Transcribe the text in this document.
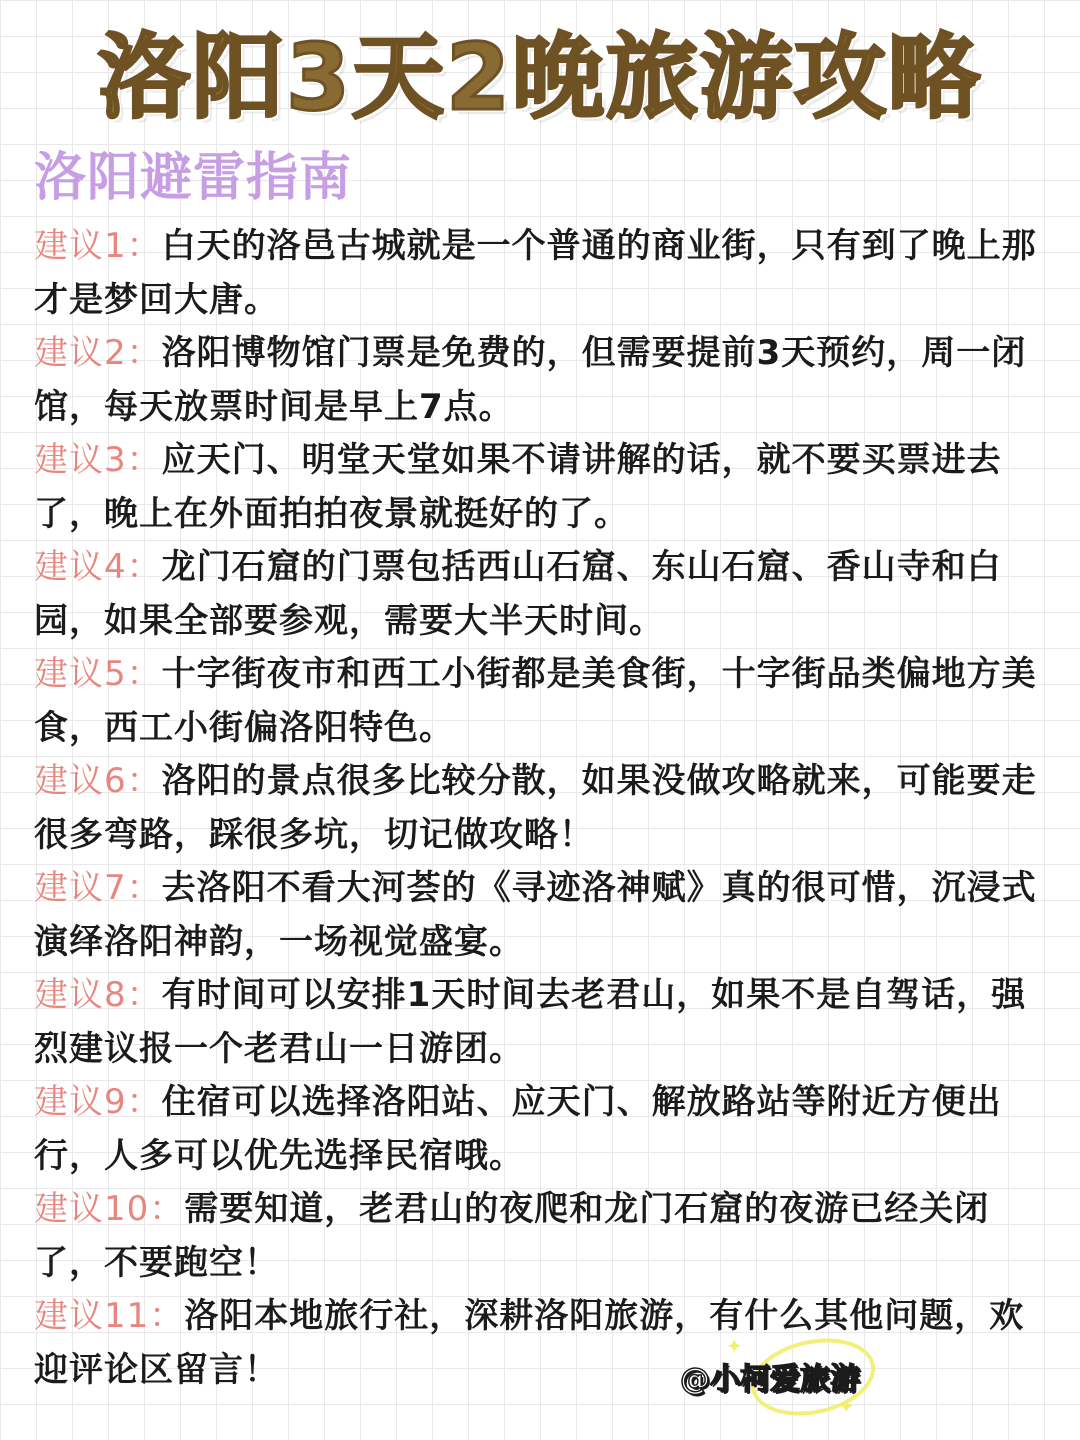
洛阳3天2晚旅游攻略
洛阳避雷指南
建议1：白天的洛邑古城就是一个普通的商业街，只有到了晚上那才是梦回大唐。
建议2：洛阳博物馆门票是免费的，但需要提前3天预约，周一闭馆，每天放票时间是早上7点。
建议3：应天门、明堂天堂如果不请讲解的话，就不要买票进去了，晚上在外面拍拍夜景就挺好的了。
建议4：龙门石窟的门票包括西山石窟、东山石窟、香山寺和白园，如果全部要参观，需要大半天时间。
建议5：十字街夜市和西工小街都是美食街，十字街品类偏地方美食，西工小街偏洛阳特色。
建议6：洛阳的景点很多比较分散，如果没做攻略就来，可能要走很多弯路，踩很多坑，切记做攻略！
建议7：去洛阳不看大河荟的《寻迹洛神赋》真的很可惜，沉浸式演绎洛阳神韵，一场视觉盛宴。
建议8：有时间可以安排1天时间去老君山，如果不是自驾话，强烈建议报一个老君山一日游团。
建议9：住宿可以选择洛阳站、应天门、解放路站等附近方便出行，人多可以优先选择民宿哦。
建议10：需要知道，老君山的夜爬和龙门石窟的夜游已经关闭了，不要跑空！
建议11：洛阳本地旅行社，深耕洛阳旅游，有什么其他问题，欢迎评论区留言！
✦
✦
@小柯爱旅游
